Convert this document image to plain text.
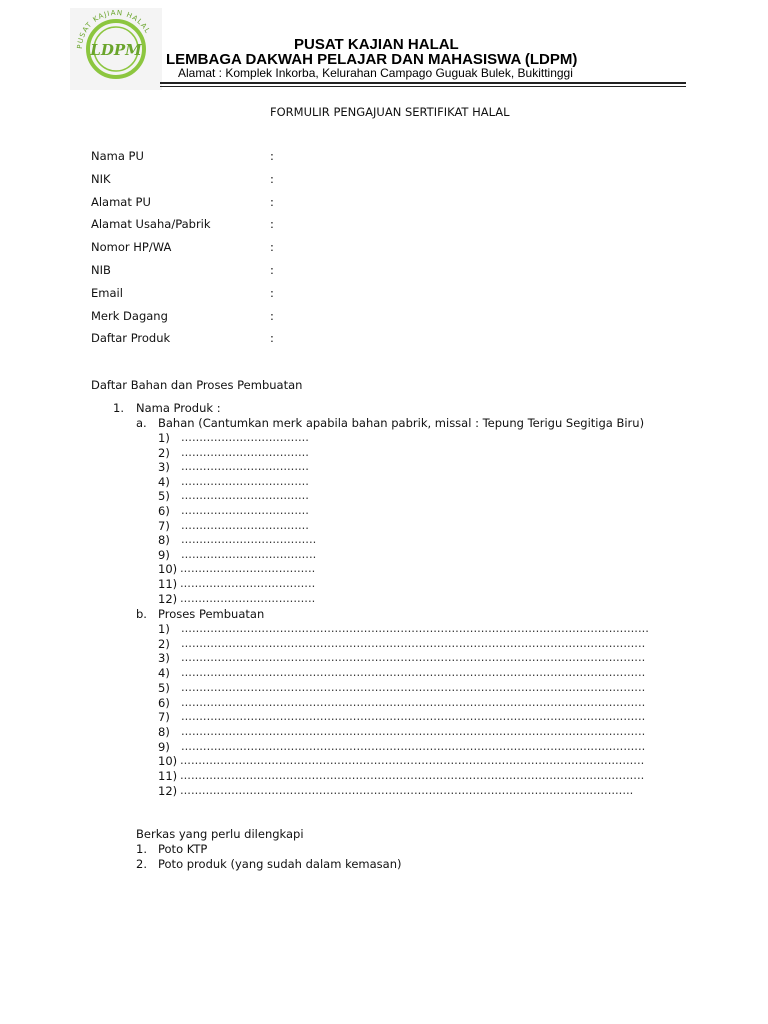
PUSAT KAJIAN HALAL
LDPM	PUSAT KAJIAN HALAL
LEMBAGA DAKWAH PELAJAR DAN MAHASISWA (LDPM)
Alamat : Komplek Inkorba, Kelurahan Campago Guguak Bulek, Bukittinggi
FORMULIR PENGAJUAN SERTIFIKAT HALAL
Nama PU	:
NIK	:
Alamat PU	:
Alamat Usaha/Pabrik	:
Nomor HP/WA	:
NIB	:
Email	:
Merk Dagang	:
Daftar Produk	:
Daftar Bahan dan Proses Pembuatan
1. Nama Produk :
a. Bahan (Cantumkan merk apabila bahan pabrik, missal : Tepung Terigu Segitiga Biru)
1) ...................................
2) ...................................
3) ...................................
4) ...................................
5) ...................................
6) ...................................
7) ...................................
8) .....................................
9) .....................................
10) .....................................
11) .....................................
12) .....................................
b. Proses Pembuatan
1) ................................................................................................................................
2) ...............................................................................................................................
3) ...............................................................................................................................
4) ...............................................................................................................................
5) ...............................................................................................................................
6) ...............................................................................................................................
7) ...............................................................................................................................
8) ...............................................................................................................................
9) ...............................................................................................................................
10) ...............................................................................................................................
11) ...............................................................................................................................
12) ............................................................................................................................
Berkas yang perlu dilengkapi
1. Poto KTP
2. Poto produk (yang sudah dalam kemasan)
